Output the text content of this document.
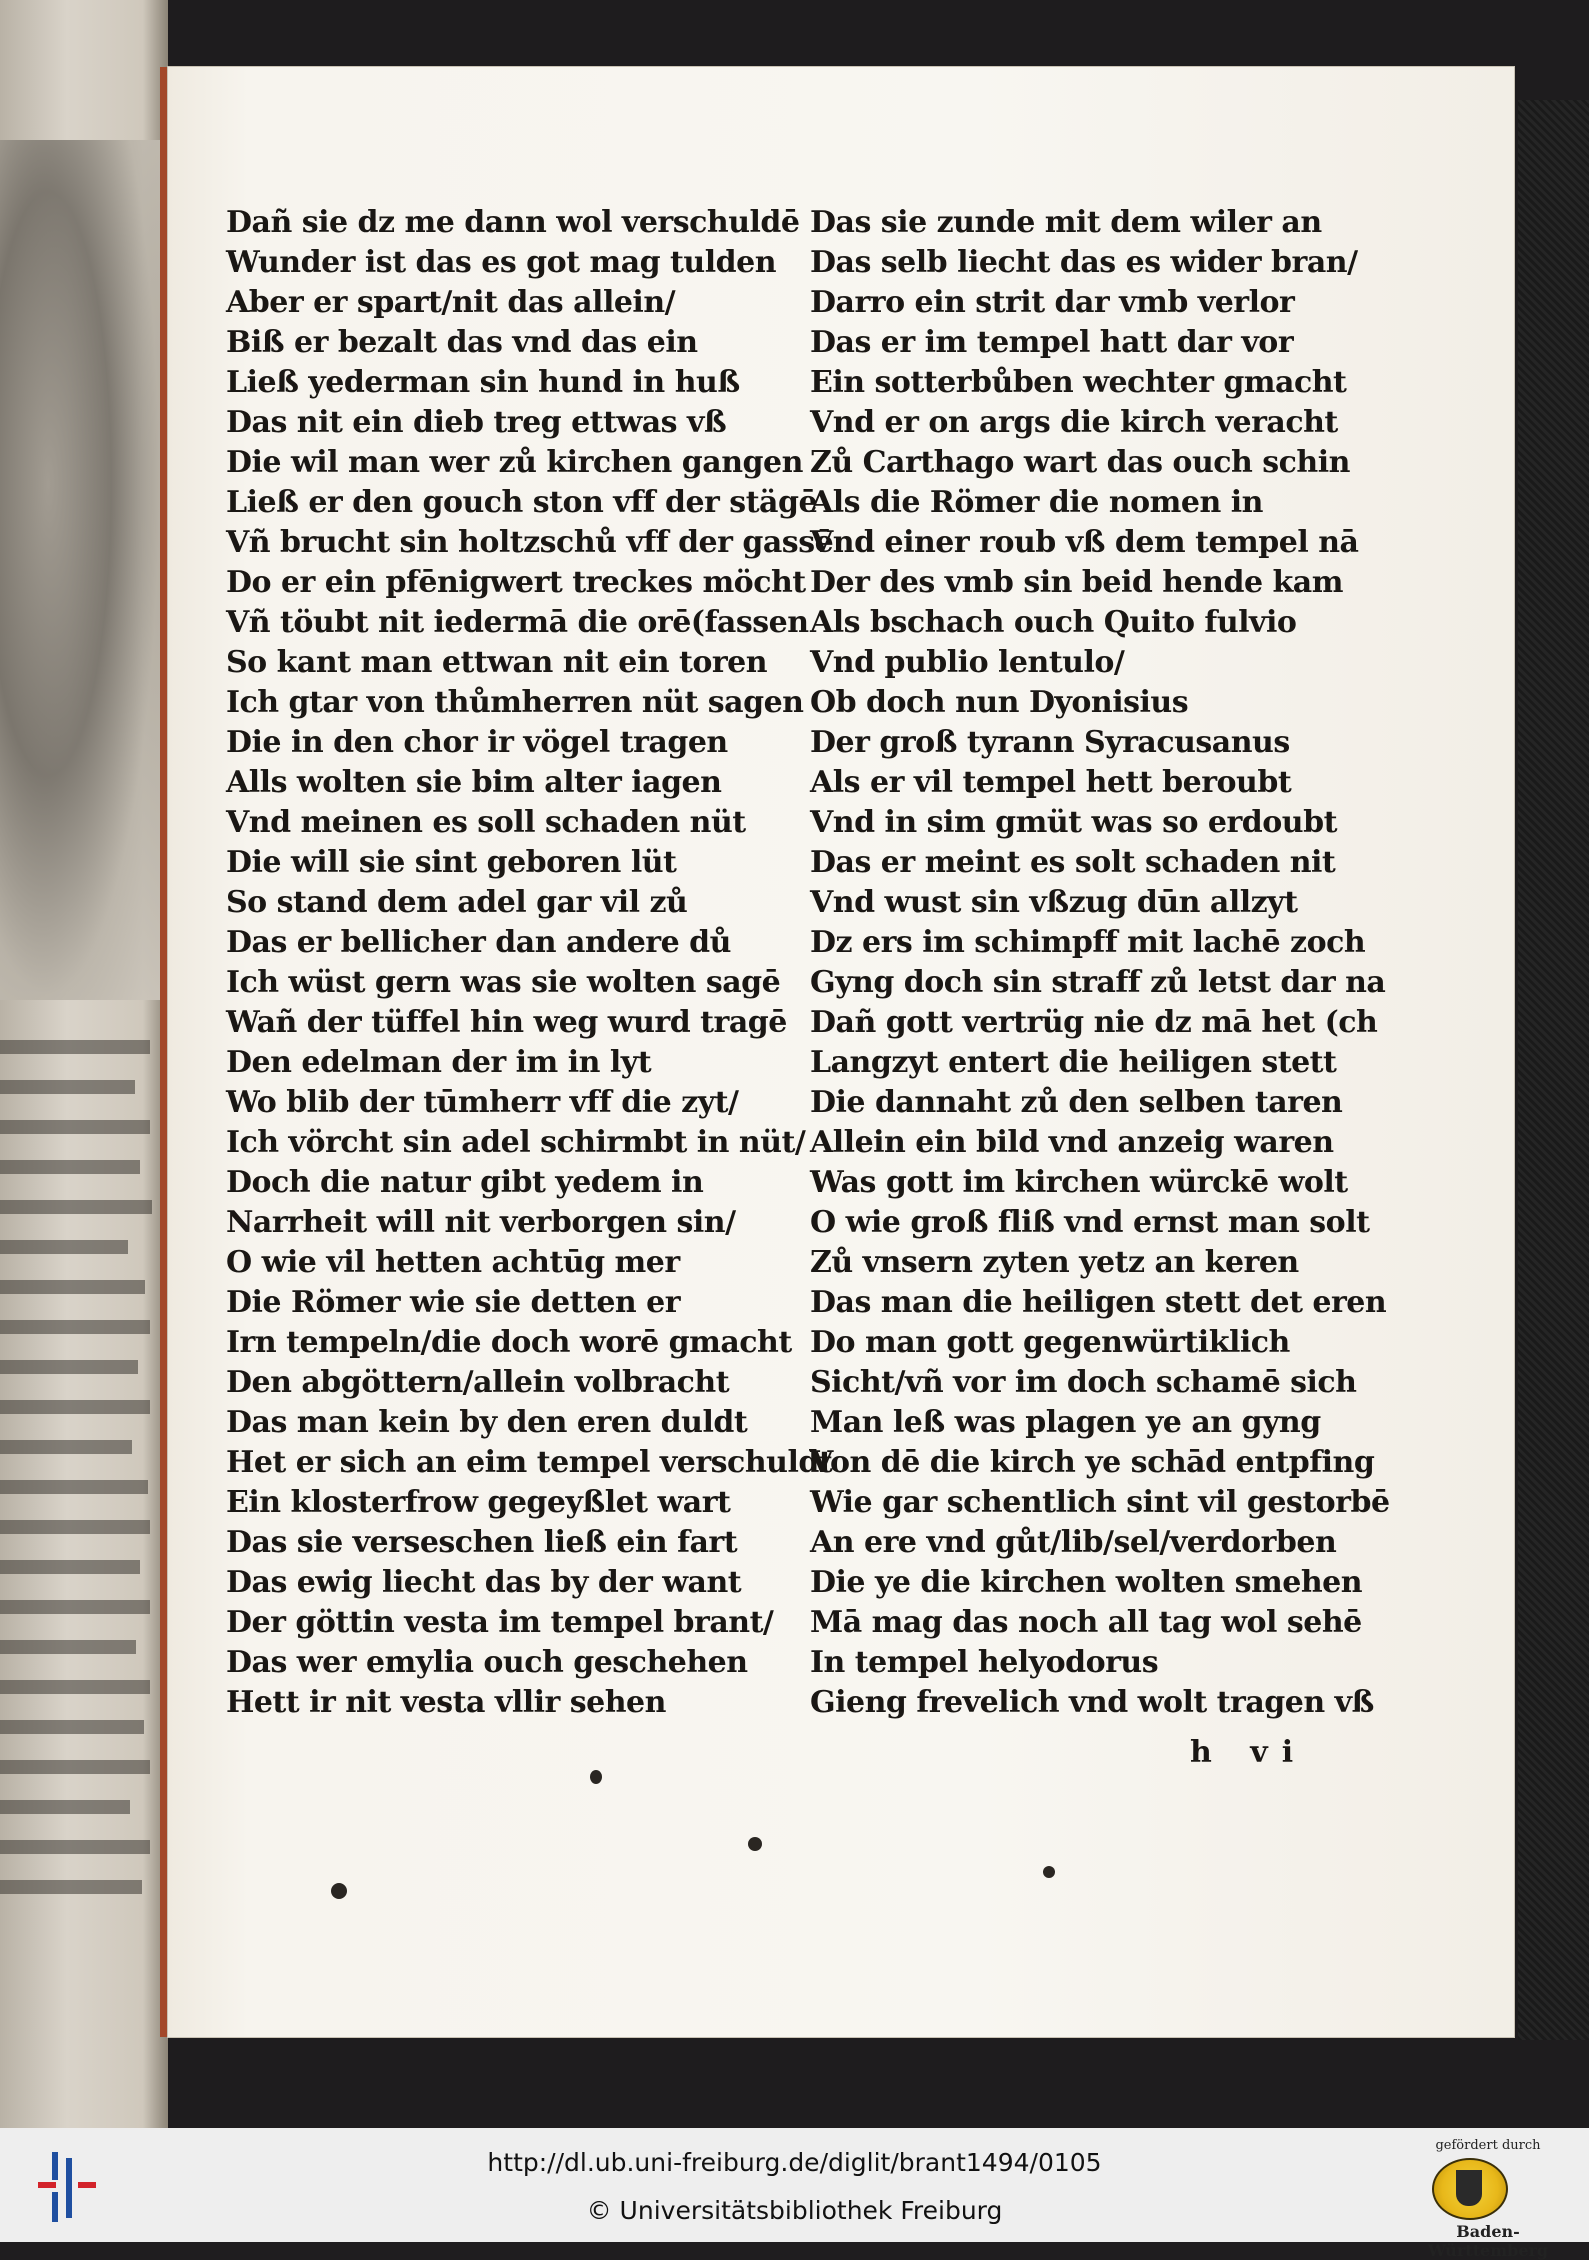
Dañ sie dz me dann wol verschuldē
Wunder ist das es got mag tulden
Aber er spart/nit das allein/
Biß er bezalt das vnd das ein
Ließ yederman sin hund in huß
Das nit ein dieb treg ettwas vß
Die wil man wer zů kirchen gangen
Ließ er den gouch ston vff der stägē
Vñ brucht sin holtzschů vff der gassē
Do er ein pfēnigwert treckes möcht
Vñ töubt nit iedermā die orē(fassen
So kant man ettwan nit ein toren
Ich gtar von thůmherren nüt sagen
Die in den chor ir vögel tragen
Alls wolten sie bim alter iagen
Vnd meinen es soll schaden nüt
Die will sie sint geboren lüt
So stand dem adel gar vil zů
Das er bellicher dan andere dů
Ich wüst gern was sie wolten sagē
Wañ der tüffel hin weg wurd tragē
Den edelman der im in lyt
Wo blib der tūmherr vff die zyt/
Ich vörcht sin adel schirmbt in nüt/
Doch die natur gibt yedem in
Narrheit will nit verborgen sin/
O wie vil hetten achtūg mer
Die Römer wie sie detten er
Irn tempeln/die doch worē gmacht
Den abgöttern/allein volbracht
Das man kein by den eren duldt
Het er sich an eim tempel verschuldt
Ein klosterfrow gegeyßlet wart
Das sie verseschen ließ ein fart
Das ewig liecht das by der want
Der göttin vesta im tempel brant/
Das wer emylia ouch geschehen
Hett ir nit vesta vllir sehen
Das sie zunde mit dem wiler an
Das selb liecht das es wider bran/
Darro ein strit dar vmb verlor
Das er im tempel hatt dar vor
Ein sotterbůben wechter gmacht
Vnd er on args die kirch veracht
Zů Carthago wart das ouch schin
Als die Römer die nomen in
Vnd einer roub vß dem tempel nā
Der des vmb sin beid hende kam
Als bschach ouch Quito fulvio
Vnd publio lentulo/
Ob doch nun Dyonisius
Der groß tyrann Syracusanus
Als er vil tempel hett beroubt
Vnd in sim gmüt was so erdoubt
Das er meint es solt schaden nit
Vnd wust sin vßzug dūn allzyt
Dz ers im schimpff mit lachē zoch
Gyng doch sin straff zů letst dar na
Dañ gott vertrüg nie dz mā het (ch
Langzyt entert die heiligen stett
Die dannaht zů den selben taren
Allein ein bild vnd anzeig waren
Was gott im kirchen würckē wolt
O wie groß fliß vnd ernst man solt
Zů vnsern zyten yetz an keren
Das man die heiligen stett det eren
Do man gott gegenwürtiklich
Sicht/vñ vor im doch schamē sich
Man leß was plagen ye an gyng
Von dē die kirch ye schād entpfing
Wie gar schentlich sint vil gestorbē
An ere vnd gůt/lib/sel/verdorben
Die ye die kirchen wolten smehen
Mā mag das noch all tag wol sehē
In tempel helyodorus
Gieng frevelich vnd wolt tragen vß
h vi
http://dl.ub.uni-freiburg.de/diglit/brant1494/0105
© Universitätsbibliothek Freiburg
gefördert durch
Baden-Württemberg
